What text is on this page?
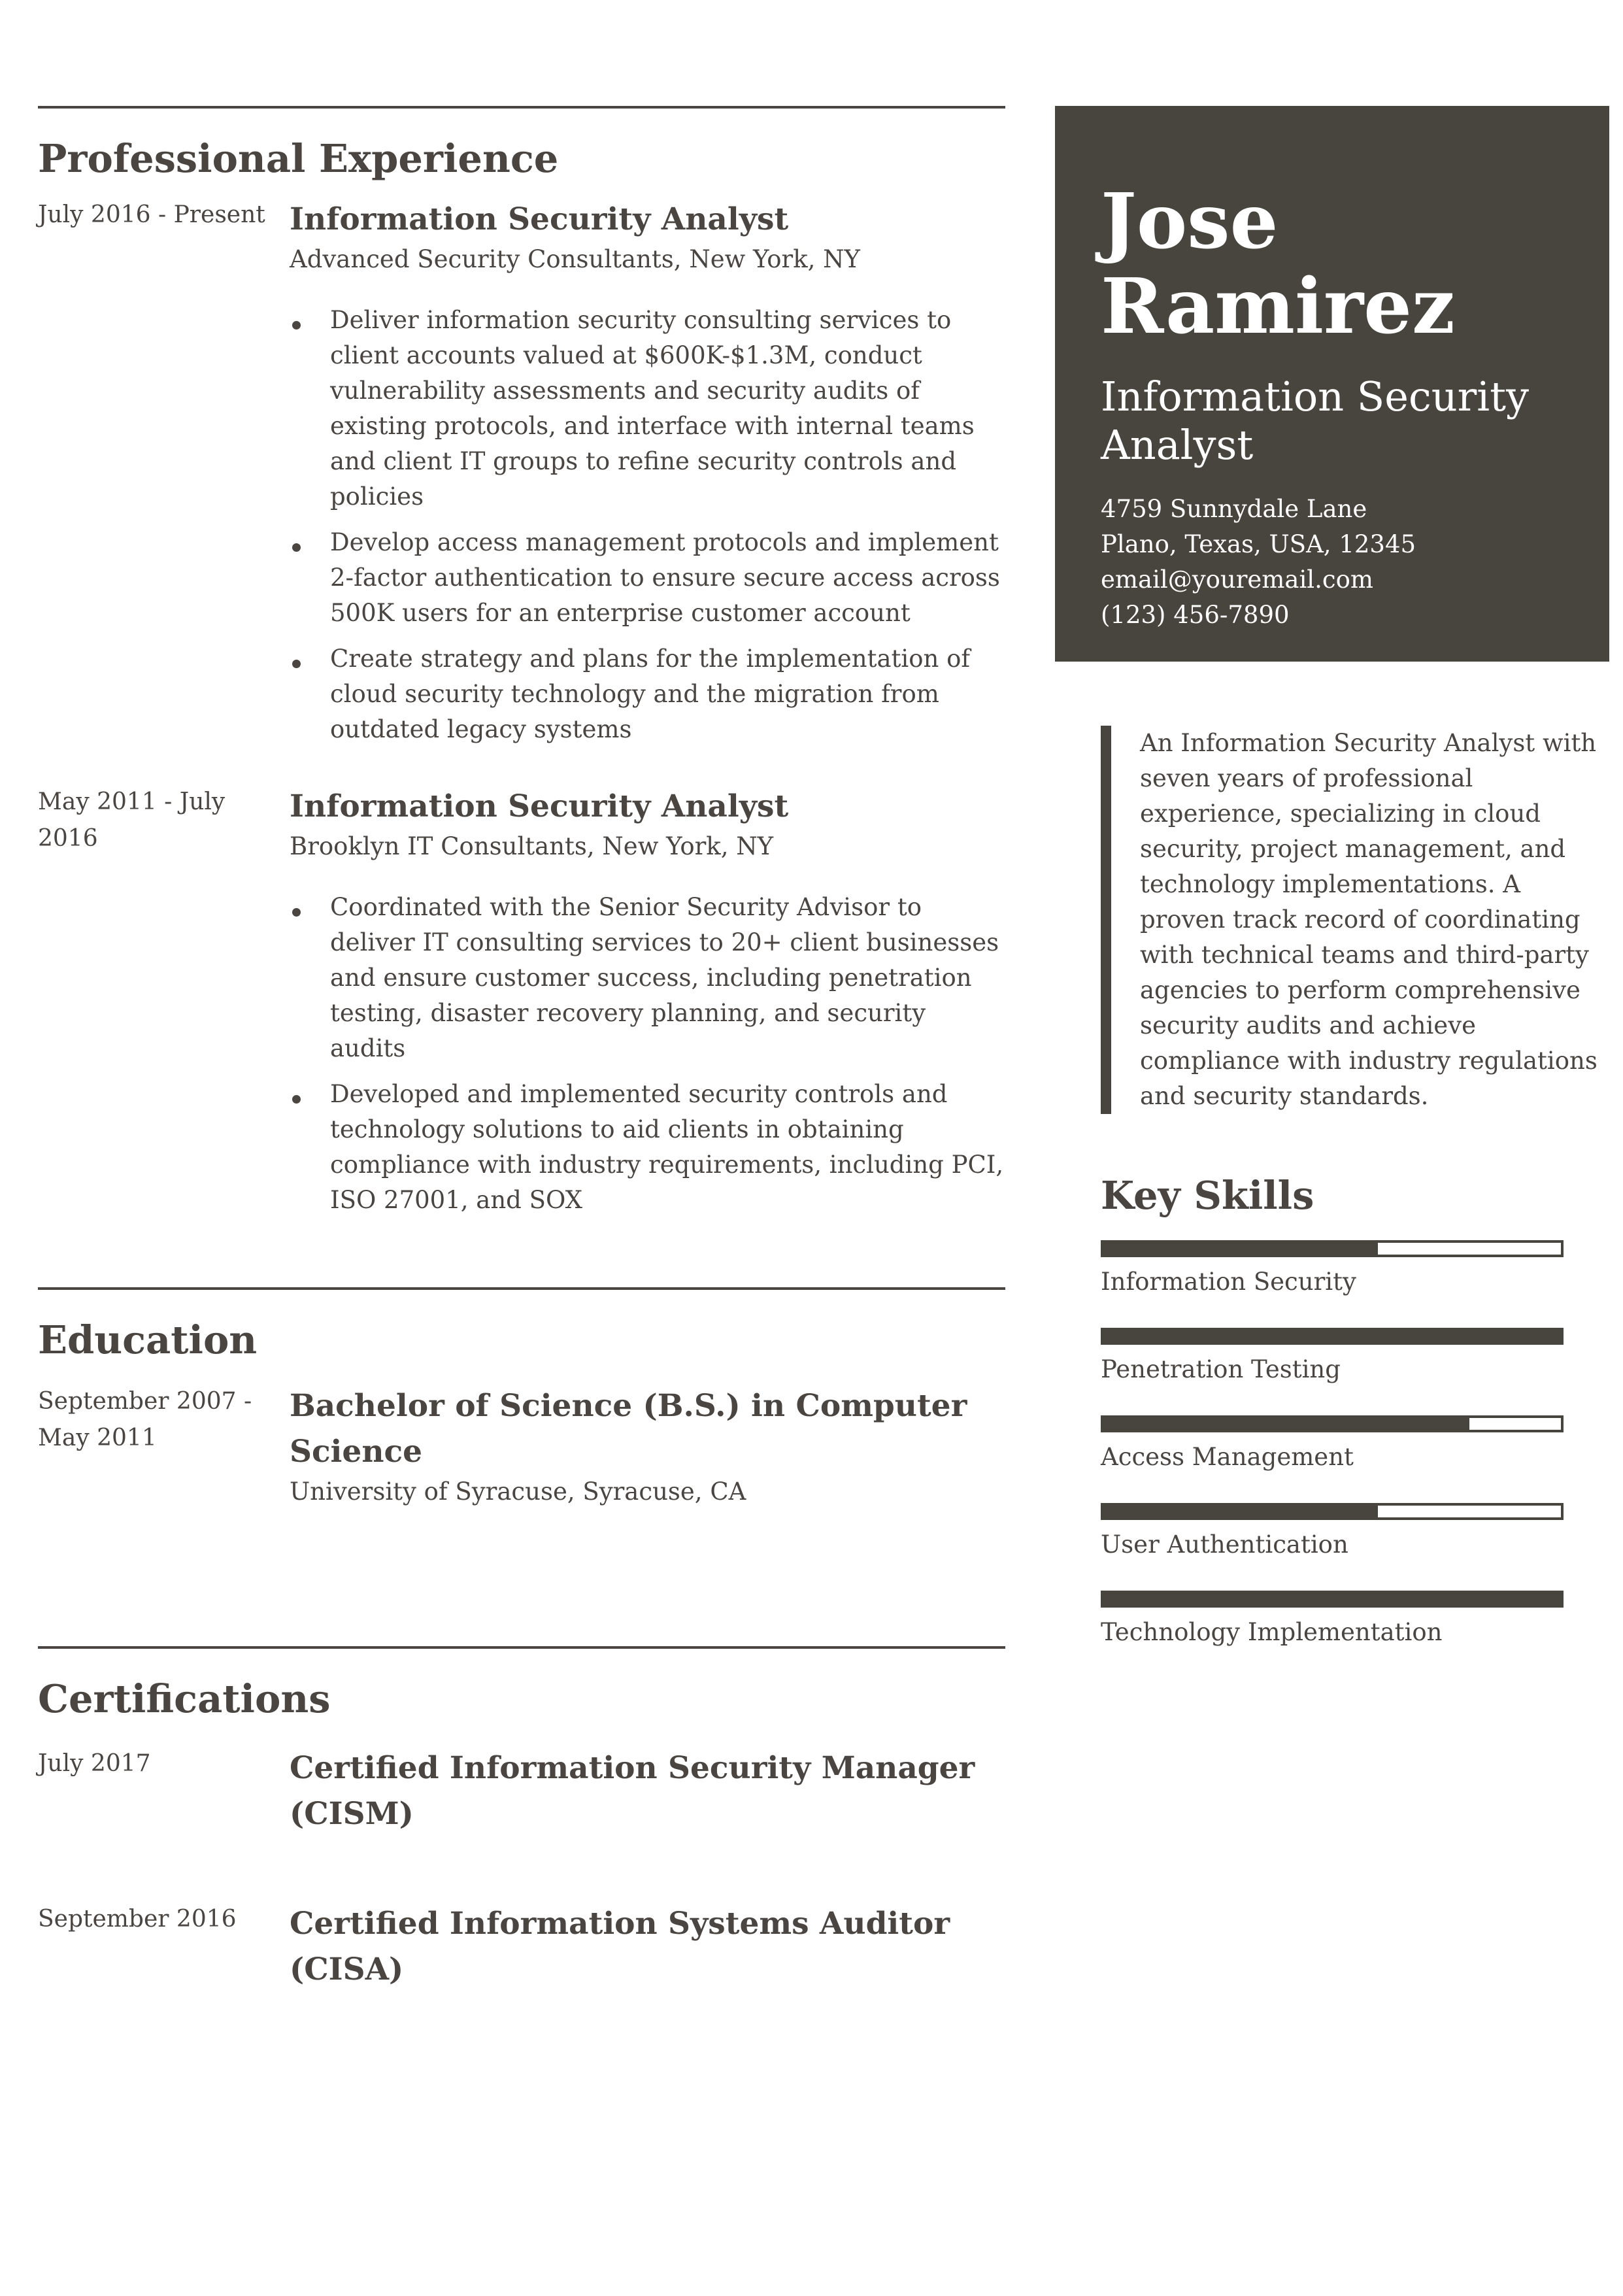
Professional Experience
July 2016 - Present Information Security Analyst
Advanced Security Consultants, New York, NY
Deliver information security consulting services to client accounts valued at $600K-$1.3M, conduct vulnerability assessments and security audits of existing protocols, and interface with internal teams and client IT groups to refine security controls and policies
Develop access management protocols and implement 2-factor authentication to ensure secure access across 500K users for an enterprise customer account
Create strategy and plans for the implementation of cloud security technology and the migration from outdated legacy systems
May 2011 - July 2016
Information Security Analyst
Brooklyn IT Consultants, New York, NY
Coordinated with the Senior Security Advisor to deliver IT consulting services to 20+ client businesses and ensure customer success, including penetration testing, disaster recovery planning, and security audits
Developed and implemented security controls and technology solutions to aid clients in obtaining compliance with industry requirements, including PCI, ISO 27001, and SOX
Education
September 2007 - May 2011
Bachelor of Science (B.S.) in Computer Science
University of Syracuse, Syracuse, CA
Certifications
July 2017	Certified Information Security Manager (CISM)
September 2016	Certified Information Systems Auditor (CISA)
Jose
Ramirez
Information Security Analyst
4759 Sunnydale Lane
Plano, Texas, USA, 12345
email@youremail.com
(123) 456-7890
An Information Security Analyst with seven years of professional experience, specializing in cloud security, project management, and technology implementations. A proven track record of coordinating with technical teams and third-party agencies to perform comprehensive security audits and achieve compliance with industry regulations and security standards.
Key Skills
Information Security
Penetration Testing
Access Management
User Authentication
Technology Implementation
